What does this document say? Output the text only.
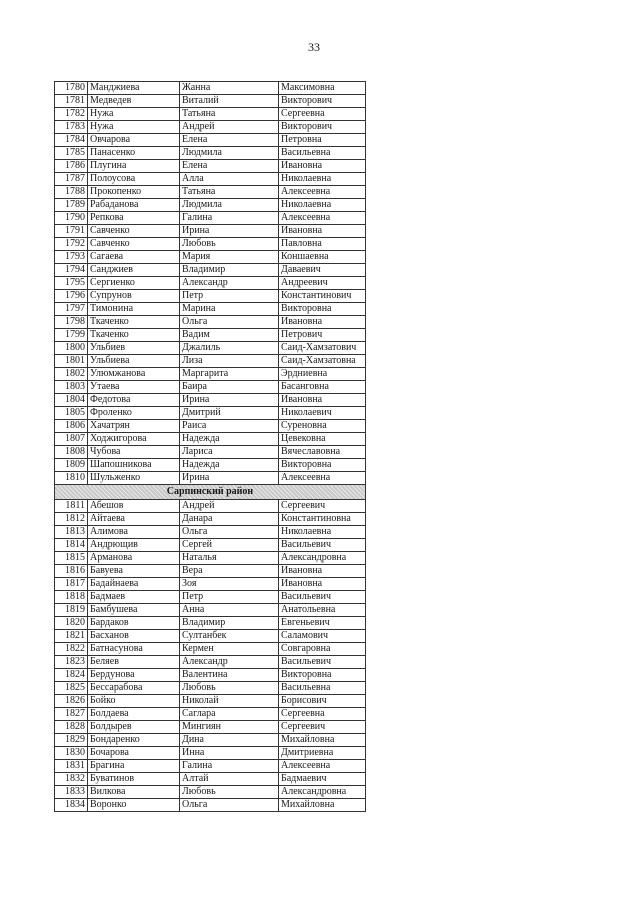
33
1780	Манджиева	Жанна	Максимовна
1781	Медведев	Виталий	Викторович
1782	Нужа	Татьяна	Сергеевна
1783	Нужа	Андрей	Викторович
1784	Овчарова	Елена	Петровна
1785	Панасенко	Людмила	Васильевна
1786	Плугина	Елена	Ивановна
1787	Полоусова	Алла	Николаевна
1788	Прокопенко	Татьяна	Алексеевна
1789	Рабаданова	Людмила	Николаевна
1790	Репкова	Галина	Алексеевна
1791	Савченко	Ирина	Ивановна
1792	Савченко	Любовь	Павловна
1793	Сагаева	Мария	Коншаевна
1794	Санджиев	Владимир	Даваевич
1795	Сергиенко	Александр	Андреевич
1796	Супрунов	Петр	Константинович
1797	Тимонина	Марина	Викторовна
1798	Ткаченко	Ольга	Ивановна
1799	Ткаченко	Вадим	Петрович
1800	Ульбиев	Джалиль	Саид-Хамзатович
1801	Ульбиева	Лиза	Саид-Хамзатовна
1802	Улюмжанова	Маргарита	Эрдниевна
1803	Утаева	Баира	Басанговна
1804	Федотова	Ирина	Ивановна
1805	Фроленко	Дмитрий	Николаевич
1806	Хачатрян	Раиса	Суреновна
1807	Ходжигорова	Надежда	Цевековна
1808	Чубова	Лариса	Вячеславовна
1809	Шапошникова	Надежда	Викторовна
1810	Шульженко	Ирина	Алексеевна
Сарпинский район			
1811	Абешов	Андрей	Сергеевич
1812	Айтаева	Данара	Константиновна
1813	Алимова	Ольга	Николаевна
1814	Андрющив	Сергей	Васильевич
1815	Арманова	Наталья	Александровна
1816	Бавуева	Вера	Ивановна
1817	Бадайнаева	Зоя	Ивановна
1818	Бадмаев	Петр	Васильевич
1819	Бамбушева	Анна	Анатольевна
1820	Бардаков	Владимир	Евгеньевич
1821	Басханов	Султанбек	Саламович
1822	Батнасунова	Кермен	Совгаровна
1823	Беляев	Александр	Васильевич
1824	Бердунова	Валентина	Викторовна
1825	Бессарабова	Любовь	Васильевна
1826	Бойко	Николай	Борисович
1827	Болдаева	Саглара	Сергеевна
1828	Болдырев	Мингиян	Сергеевич
1829	Бондаренко	Дина	Михайловна
1830	Бочарова	Инна	Дмитриевна
1831	Брагина	Галина	Алексеевна
1832	Буватинов	Алтай	Бадмаевич
1833	Вилкова	Любовь	Александровна
1834	Воронко	Ольга	Михайловна
